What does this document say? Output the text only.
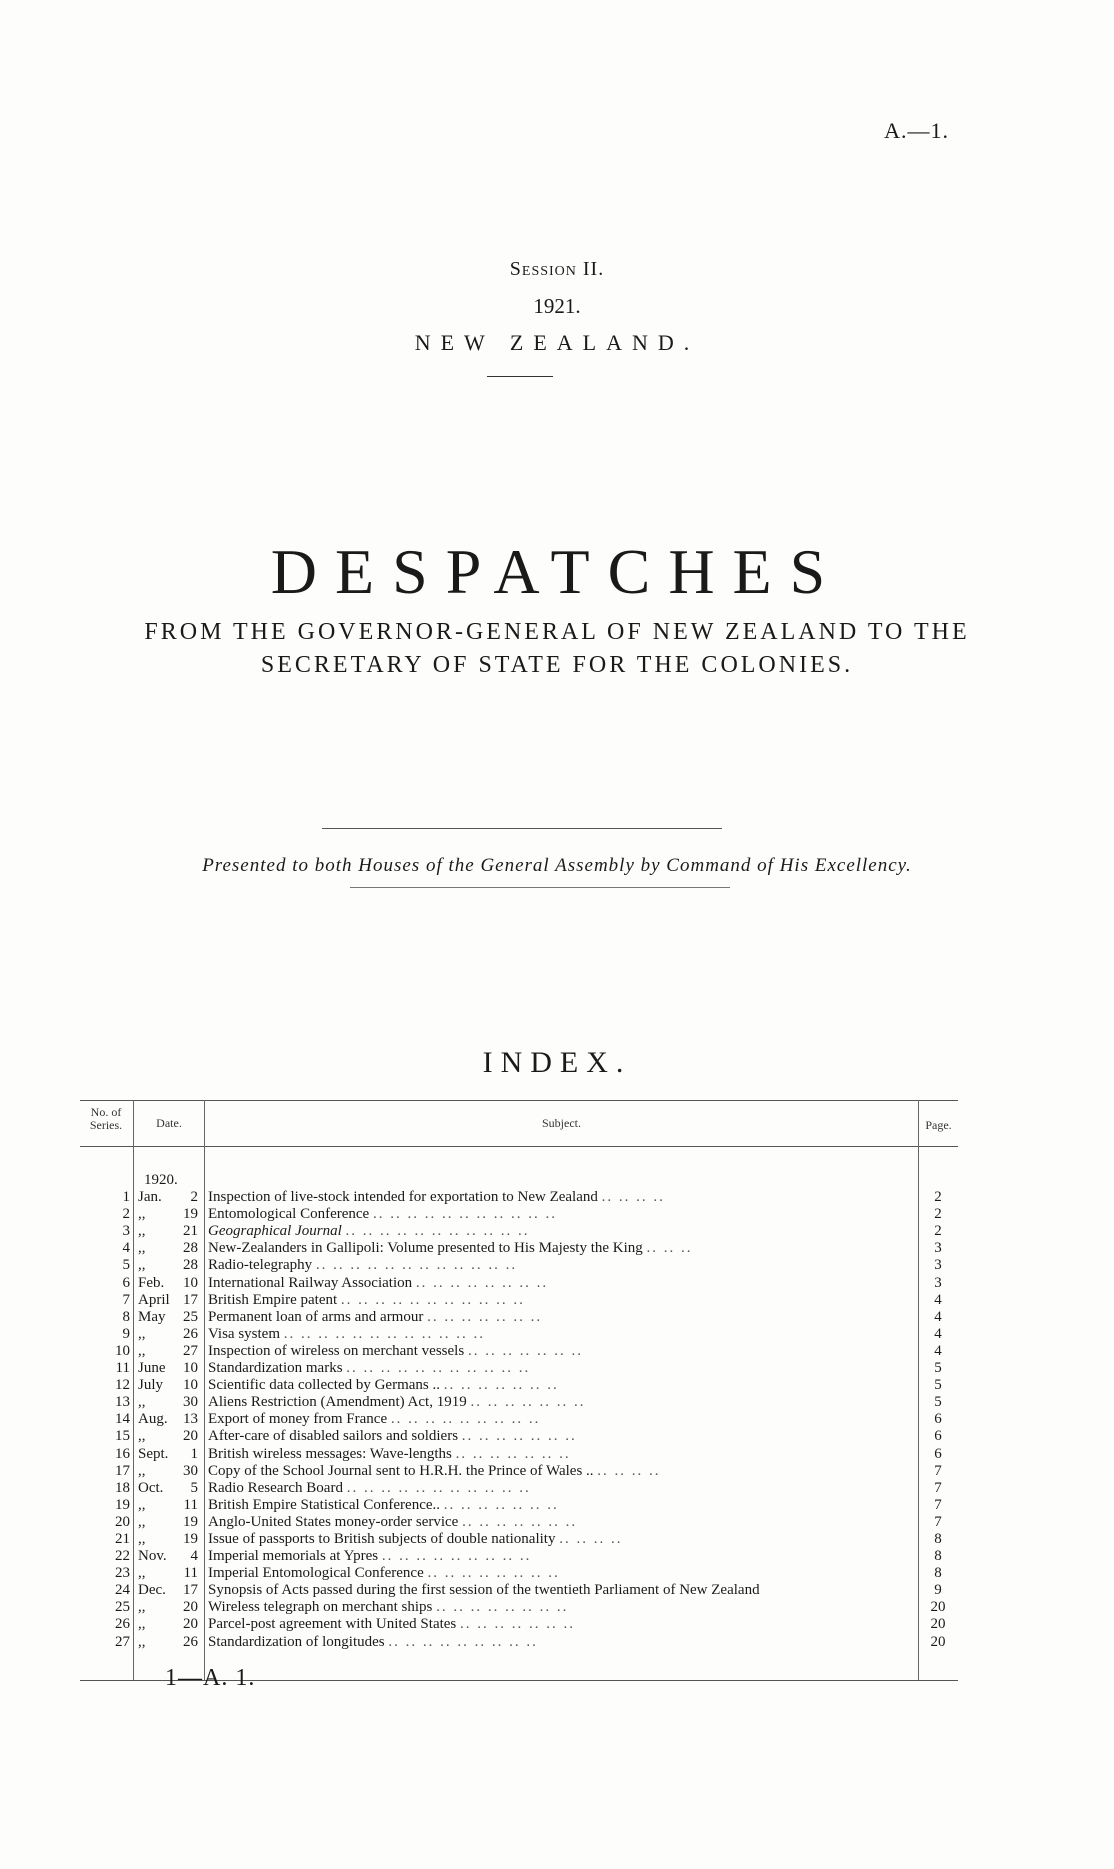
A.—1.
Session II.
1921.
NEW ZEALAND.
DESPATCHES
FROM THE GOVERNOR-GENERAL OF NEW ZEALAND TO THE
SECRETARY OF STATE FOR THE COLONIES.
Presented to both Houses of the General Assembly by Command of His Excellency.
INDEX.
No. of Series.	Date.	Subject.	Page.
1920.
1 Jan.	2 Inspection of live-stock intended for exportation to New Zealand .. .. .. ..	2
2 ,,	19 Entomological Conference .. .. .. .. .. .. .. .. .. .. ..	2
3 ,,	21 Geographical Journal .. .. .. .. .. .. .. .. .. .. ..	2
4 ,,	28 New-Zealanders in Gallipoli: Volume presented to His Majesty the King .. .. ..	3
5 ,,	28 Radio-telegraphy .. .. .. .. .. .. .. .. .. .. .. ..	3
6 Feb.	10 International Railway Association .. .. .. .. .. .. .. ..	3
7 April 17 British Empire patent .. .. .. .. .. .. .. .. .. .. ..	4
8 May	25 Permanent loan of arms and armour .. .. .. .. .. .. ..	4
9 ,,	26 Visa system .. .. .. .. .. .. .. .. .. .. .. ..	4
10 ,,	27 Inspection of wireless on merchant vessels .. .. .. .. .. .. ..	4
11 June	10 Standardization marks .. .. .. .. .. .. .. .. .. .. ..	5
12 July	10 Scientific data collected by Germans .. .. .. .. .. .. .. ..	5
13 ,,	30 Aliens Restriction (Amendment) Act, 1919 .. .. .. .. .. .. ..	5
14 Aug.	13 Export of money from France .. .. .. .. .. .. .. .. ..	6
15 ,,	20 After-care of disabled sailors and soldiers .. .. .. .. .. .. ..	6
16 Sept.	1 British wireless messages: Wave-lengths .. .. .. .. .. .. ..	6
17 ,,	30 Copy of the School Journal sent to H.R.H. the Prince of Wales .. .. .. .. ..	7
18 Oct.	5 Radio Research Board .. .. .. .. .. .. .. .. .. .. ..	7
19 ,,	11 British Empire Statistical Conference.. .. .. .. .. .. .. ..	7
20 ,,	19 Anglo-United States money-order service .. .. .. .. .. .. ..	7
21 ,,	19 Issue of passports to British subjects of double nationality .. .. .. ..	8
22 Nov.	4 Imperial memorials at Ypres .. .. .. .. .. .. .. .. ..	8
23 ,,	11 Imperial Entomological Conference .. .. .. .. .. .. .. ..	8
24 Dec.	17 Synopsis of Acts passed during the first session of the twentieth Parliament of New Zealand	9
25 ,,	20 Wireless telegraph on merchant ships .. .. .. .. .. .. .. ..	20
26 ,,	20 Parcel-post agreement with United States .. .. .. .. .. .. ..	20
27 ,,	26 Standardization of longitudes .. .. .. .. .. .. .. .. ..	20
1—A. 1.
